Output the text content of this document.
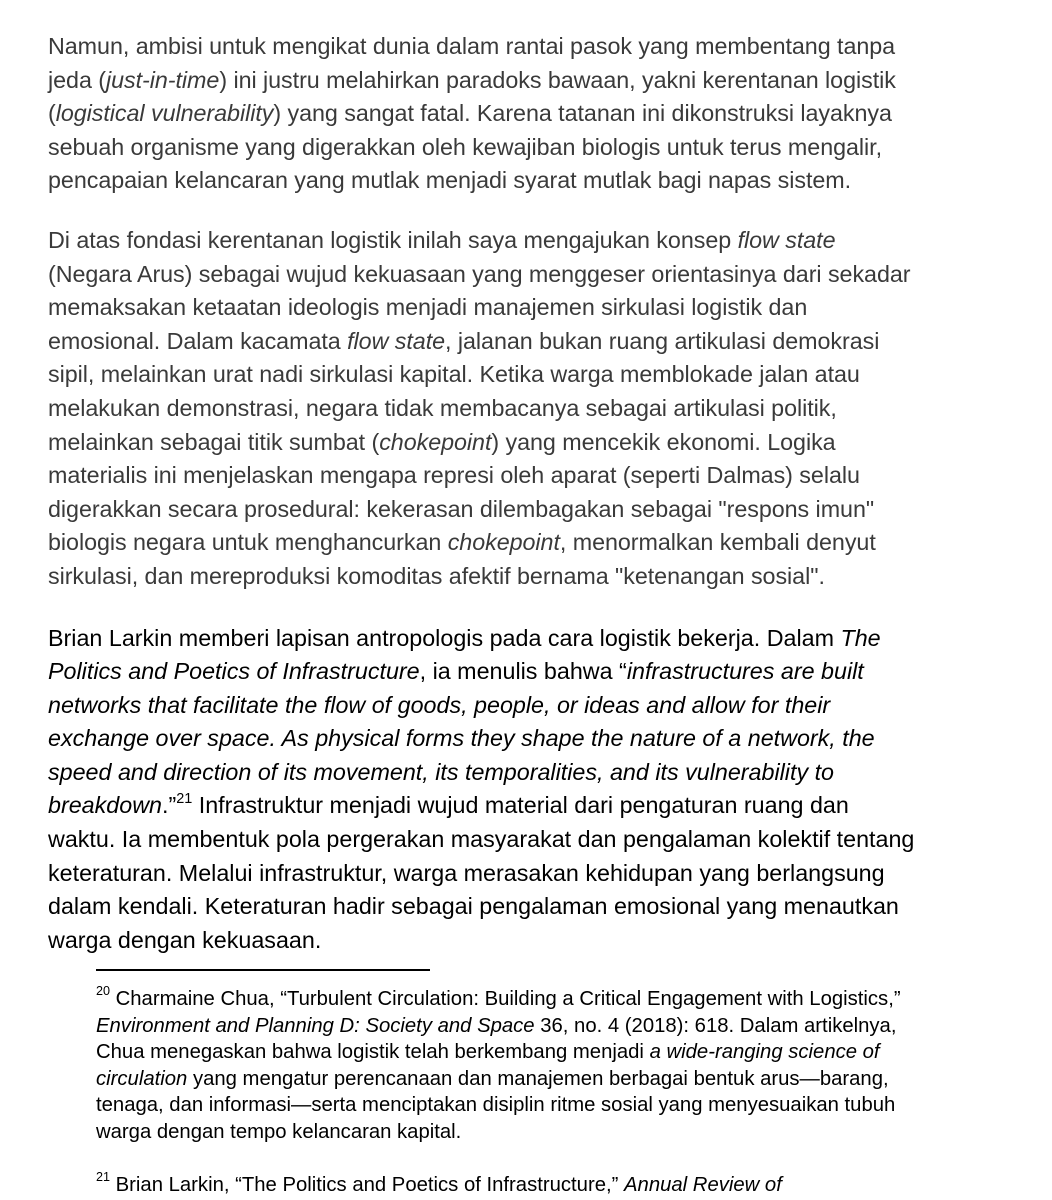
Namun, ambisi untuk mengikat dunia dalam rantai pasok yang membentang tanpa
jeda (just-in-time) ini justru melahirkan paradoks bawaan, yakni kerentanan logistik
(logistical vulnerability) yang sangat fatal. Karena tatanan ini dikonstruksi layaknya
sebuah organisme yang digerakkan oleh kewajiban biologis untuk terus mengalir,
pencapaian kelancaran yang mutlak menjadi syarat mutlak bagi napas sistem.

Di atas fondasi kerentanan logistik inilah saya mengajukan konsep flow state
(Negara Arus) sebagai wujud kekuasaan yang menggeser orientasinya dari sekadar
memaksakan ketaatan ideologis menjadi manajemen sirkulasi logistik dan
emosional. Dalam kacamata flow state, jalanan bukan ruang artikulasi demokrasi
sipil, melainkan urat nadi sirkulasi kapital. Ketika warga memblokade jalan atau
melakukan demonstrasi, negara tidak membacanya sebagai artikulasi politik,
melainkan sebagai titik sumbat (chokepoint) yang mencekik ekonomi. Logika
materialis ini menjelaskan mengapa represi oleh aparat (seperti Dalmas) selalu
digerakkan secara prosedural: kekerasan dilembagakan sebagai "respons imun"
biologis negara untuk menghancurkan chokepoint, menormalkan kembali denyut
sirkulasi, dan mereproduksi komoditas afektif bernama "ketenangan sosial".

Brian Larkin memberi lapisan antropologis pada cara logistik bekerja. Dalam The
Politics and Poetics of Infrastructure, ia menulis bahwa “infrastructures are built
networks that facilitate the flow of goods, people, or ideas and allow for their
exchange over space. As physical forms they shape the nature of a network, the
speed and direction of its movement, its temporalities, and its vulnerability to
breakdown.”$^{21}$ Infrastruktur menjadi wujud material dari pengaturan ruang dan
waktu. Ia membentuk pola pergerakan masyarakat dan pengalaman kolektif tentang
keteraturan. Melalui infrastruktur, warga merasakan kehidupan yang berlangsung
dalam kendali. Keteraturan hadir sebagai pengalaman emosional yang menautkan
warga dengan kekuasaan.

$^{20}$ Charmaine Chua, “Turbulent Circulation: Building a Critical Engagement with Logistics,”
Environment and Planning D: Society and Space 36, no. 4 (2018): 618. Dalam artikelnya,
Chua menegaskan bahwa logistik telah berkembang menjadi a wide-ranging science of
circulation yang mengatur perencanaan dan manajemen berbagai bentuk arus—barang,
tenaga, dan informasi—serta menciptakan disiplin ritme sosial yang menyesuaikan tubuh
warga dengan tempo kelancaran kapital.

$^{21}$ Brian Larkin, “The Politics and Poetics of Infrastructure,” Annual Review of
